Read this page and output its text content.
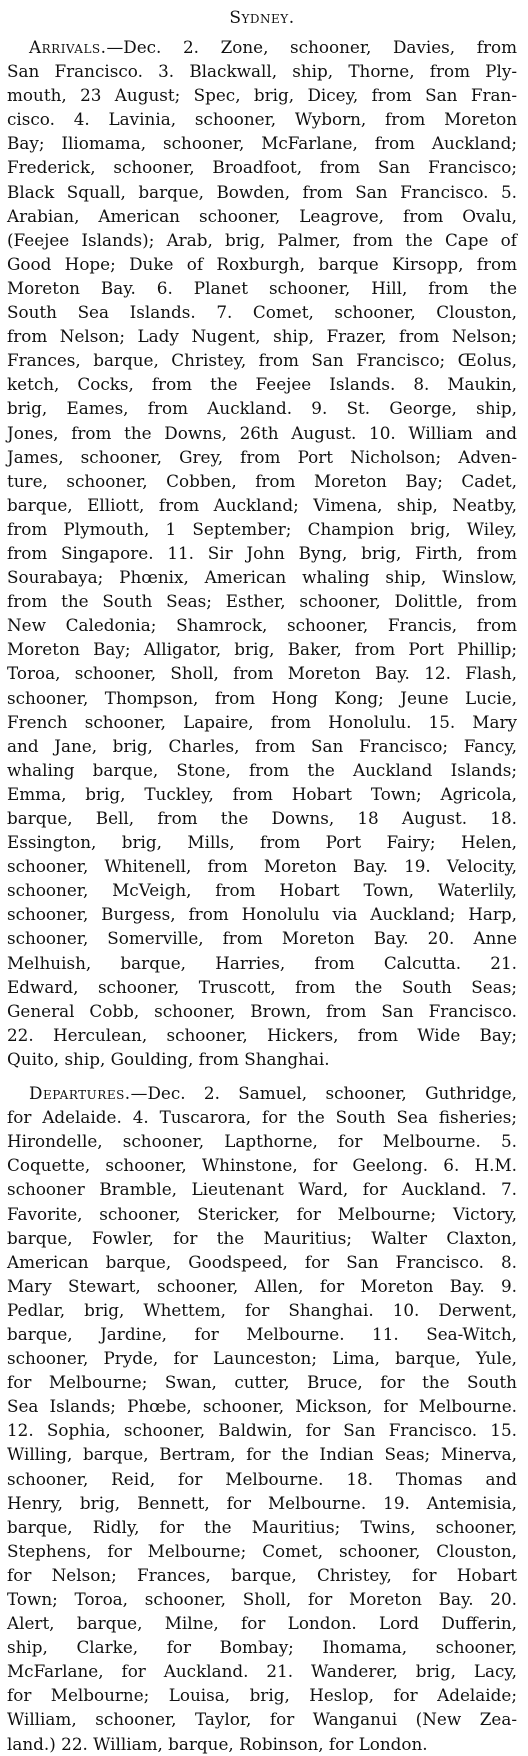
Sydney.
Arrivals.—Dec. 2. Zone, schooner, Davies, from
San Francisco. 3. Blackwall, ship, Thorne, from Ply-
mouth, 23 August; Spec, brig, Dicey, from San Fran-
cisco. 4. Lavinia, schooner, Wyborn, from Moreton
Bay; Iliomama, schooner, McFarlane, from Auckland;
Frederick, schooner, Broadfoot, from San Francisco;
Black Squall, barque, Bowden, from San Francisco. 5.
Arabian, American schooner, Leagrove, from Ovalu,
(Feejee Islands); Arab, brig, Palmer, from the Cape of
Good Hope; Duke of Roxburgh, barque Kirsopp, from
Moreton Bay. 6. Planet schooner, Hill, from the
South Sea Islands. 7. Comet, schooner, Clouston,
from Nelson; Lady Nugent, ship, Frazer, from Nelson;
Frances, barque, Christey, from San Francisco; Œolus,
ketch, Cocks, from the Feejee Islands. 8. Maukin,
brig, Eames, from Auckland. 9. St. George, ship,
Jones, from the Downs, 26th August. 10. William and
James, schooner, Grey, from Port Nicholson; Adven-
ture, schooner, Cobben, from Moreton Bay; Cadet,
barque, Elliott, from Auckland; Vimena, ship, Neatby,
from Plymouth, 1 September; Champion brig, Wiley,
from Singapore. 11. Sir John Byng, brig, Firth, from
Sourabaya; Phœnix, American whaling ship, Winslow,
from the South Seas; Esther, schooner, Dolittle, from
New Caledonia; Shamrock, schooner, Francis, from
Moreton Bay; Alligator, brig, Baker, from Port Phillip;
Toroa, schooner, Sholl, from Moreton Bay. 12. Flash,
schooner, Thompson, from Hong Kong; Jeune Lucie,
French schooner, Lapaire, from Honolulu. 15. Mary
and Jane, brig, Charles, from San Francisco; Fancy,
whaling barque, Stone, from the Auckland Islands;
Emma, brig, Tuckley, from Hobart Town; Agricola,
barque, Bell, from the Downs, 18 August. 18.
Essington, brig, Mills, from Port Fairy; Helen,
schooner, Whitenell, from Moreton Bay. 19. Velocity,
schooner, McVeigh, from Hobart Town, Waterlily,
schooner, Burgess, from Honolulu via Auckland; Harp,
schooner, Somerville, from Moreton Bay. 20. Anne
Melhuish, barque, Harries, from Calcutta. 21.
Edward, schooner, Truscott, from the South Seas;
General Cobb, schooner, Brown, from San Francisco.
22. Herculean, schooner, Hickers, from Wide Bay;
Quito, ship, Goulding, from Shanghai.
Departures.—Dec. 2. Samuel, schooner, Guthridge,
for Adelaide. 4. Tuscarora, for the South Sea fisheries;
Hirondelle, schooner, Lapthorne, for Melbourne. 5.
Coquette, schooner, Whinstone, for Geelong. 6. H.M.
schooner Bramble, Lieutenant Ward, for Auckland. 7.
Favorite, schooner, Stericker, for Melbourne; Victory,
barque, Fowler, for the Mauritius; Walter Claxton,
American barque, Goodspeed, for San Francisco. 8.
Mary Stewart, schooner, Allen, for Moreton Bay. 9.
Pedlar, brig, Whettem, for Shanghai. 10. Derwent,
barque, Jardine, for Melbourne. 11. Sea-Witch,
schooner, Pryde, for Launceston; Lima, barque, Yule,
for Melbourne; Swan, cutter, Bruce, for the South
Sea Islands; Phœbe, schooner, Mickson, for Melbourne.
12. Sophia, schooner, Baldwin, for San Francisco. 15.
Willing, barque, Bertram, for the Indian Seas; Minerva,
schooner, Reid, for Melbourne. 18. Thomas and
Henry, brig, Bennett, for Melbourne. 19. Antemisia,
barque, Ridly, for the Mauritius; Twins, schooner,
Stephens, for Melbourne; Comet, schooner, Clouston,
for Nelson; Frances, barque, Christey, for Hobart
Town; Toroa, schooner, Sholl, for Moreton Bay. 20.
Alert, barque, Milne, for London. Lord Dufferin,
ship, Clarke, for Bombay; Ihomama, schooner,
McFarlane, for Auckland. 21. Wanderer, brig, Lacy,
for Melbourne; Louisa, brig, Heslop, for Adelaide;
William, schooner, Taylor, for Wanganui (New Zea-
land.) 22. William, barque, Robinson, for London.
